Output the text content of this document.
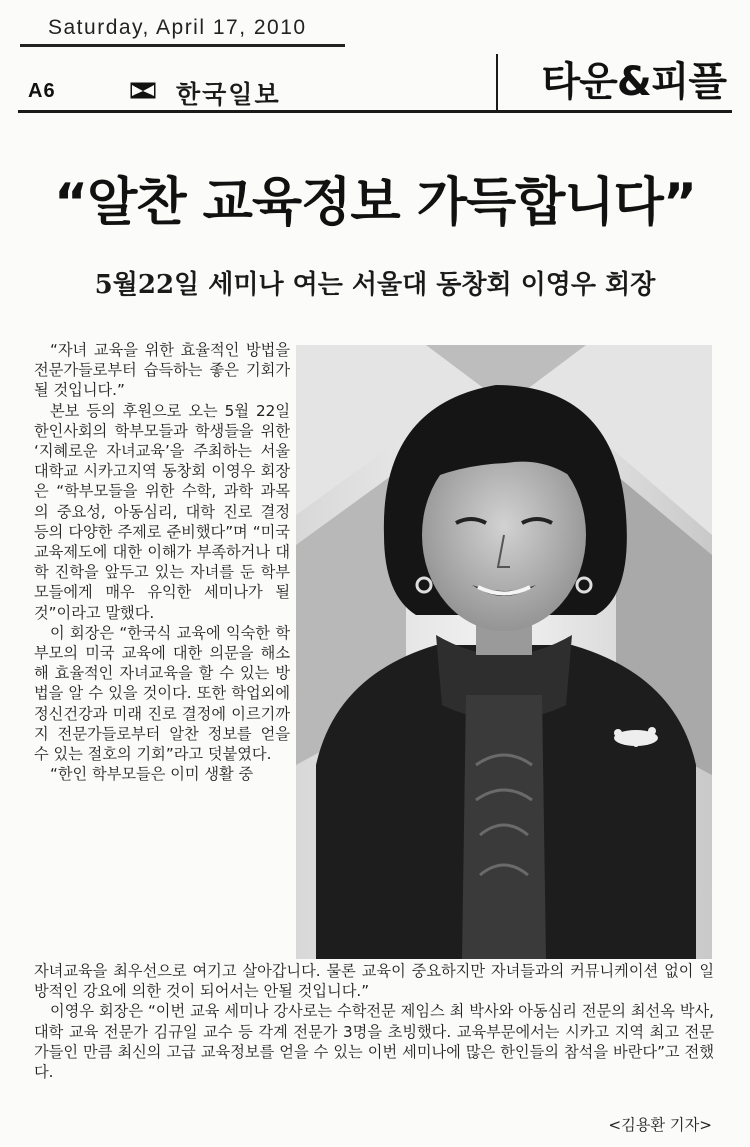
Saturday, April 17, 2010
A6	한국일보	타운&피플
“알찬 교육정보 가득합니다”
5월22일 세미나 여는 서울대 동창회 이영우 회장

“자녀 교육을 위한 효율적인 방법을 전문가들로부터 습득하는 좋은 기회가 될 것입니다.”

본보 등의 후원으로 오는 5월 22일 한인사회의 학부모들과 학생들을 위한 ‘지혜로운 자녀교육’을 주최하는 서울대학교 시카고지역 동창회 이영우 회장은 “학부모들을 위한 수학, 과학 과목의 중요성, 아동심리, 대학 진로 결정 등의 다양한 주제로 준비했다”며 “미국 교육제도에 대한 이해가 부족하거나 대학 진학을 앞두고 있는 자녀를 둔 학부모들에게 매우 유익한 세미나가 될 것”이라고 말했다.

이 회장은 “한국식 교육에 익숙한 학부모의 미국 교육에 대한 의문을 해소해 효율적인 자녀교육을 할 수 있는 방법을 알 수 있을 것이다. 또한 학업외에 정신건강과 미래 진로 결정에 이르기까지 전문가들로부터 알찬 정보를 얻을 수 있는 절호의 기회”라고 덧붙였다.

“한인 학부모들은 이미 생활 중

자녀교육을 최우선으로 여기고 살아갑니다. 물론 교육이 중요하지만 자녀들과의 커뮤니케이션 없이 일방적인 강요에 의한 것이 되어서는 안될 것입니다.”

이영우 회장은 “이번 교육 세미나 강사로는 수학전문 제임스 최 박사와 아동심리 전문의 최선옥 박사, 대학 교육 전문가 김규일 교수 등 각계 전문가 3명을 초빙했다. 교육부문에서는 시카고 지역 최고 전문가들인 만큼 최신의 고급 교육정보를 얻을 수 있는 이번 세미나에 많은 한인들의 참석을 바란다”고 전했다.

<김용환 기자>
